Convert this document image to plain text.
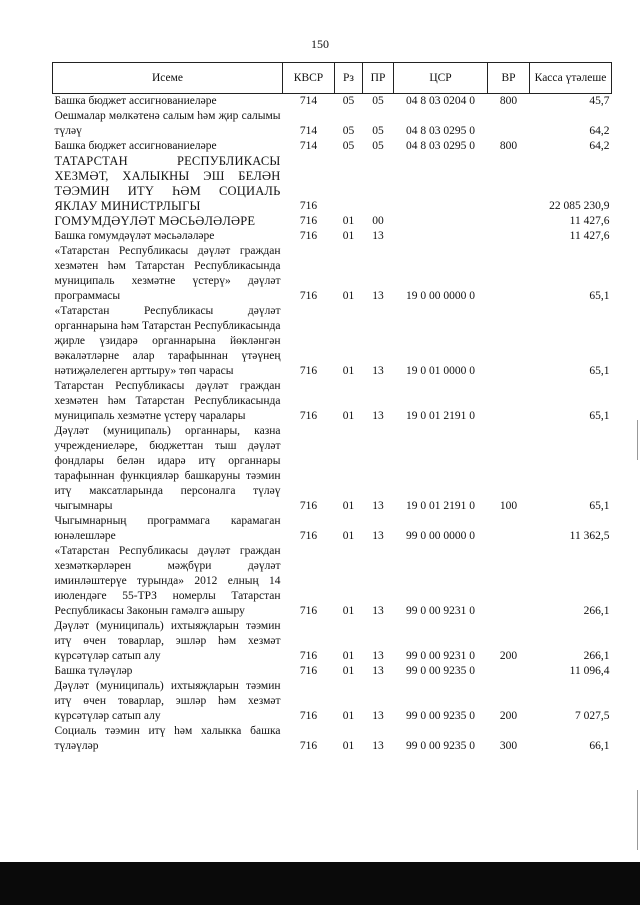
150
Исеме	КВСР	Рз	ПР	ЦСР	ВР	Касса үтәлеше
Башка бюджет ассигнованиеләре	714	05	05	04 8 03 0204 0	800	45,7
Оешмалар мөлкәтенә салым һәм җир салымы түләү	714	05	05	04 8 03 0295 0		64,2
Башка бюджет ассигнованиеләре	714	05	05	04 8 03 0295 0	800	64,2
ТАТАРСТАН РЕСПУБЛИКАСЫ ХЕЗМӘТ, ХАЛЫКНЫ ЭШ БЕЛӘН ТӘЭМИН ИТҮ ҺӘМ СОЦИАЛЬ ЯКЛАУ МИНИСТРЛЫГЫ	716					22 085 230,9
ГОМУМДӘҮЛӘТ МӘСЬӘЛӘЛӘРЕ	716	01	00			11 427,6
Башка гомумдәүләт мәсьәләләре	716	01	13			11 427,6
«Татарстан Республикасы дәүләт граждан хезмәтен һәм Татарстан Республикасында муниципаль хезмәтне үстерү» дәүләт программасы	716	01	13	19 0 00 0000 0		65,1
«Татарстан Республикасы дәүләт органнарына һәм Татарстан Республикасында җирле үзидарә органнарына йөкләнгән вәкаләтләрне алар тарафыннан үтәүнең нәтиҗәлелеген арттыру» төп чарасы	716	01	13	19 0 01 0000 0		65,1
Татарстан Республикасы дәүләт граждан хезмәтен һәм Татарстан Республикасында муниципаль хезмәтне үстерү чаралары	716	01	13	19 0 01 2191 0		65,1
Дәүләт (муниципаль) органнары, казна учреждениеләре, бюджеттан тыш дәүләт фондлары белән идарә итү органнары тарафыннан функцияләр башкаруны тәэмин итү максатларында персоналга түләү чыгымнары	716	01	13	19 0 01 2191 0	100	65,1
Чыгымнарның программага карамаган юнәлешләре	716	01	13	99 0 00 0000 0		11 362,5
«Татарстан Республикасы дәүләт граждан хезмәткәрләрен мәҗбүри дәүләт иминләштерүе турында» 2012 елның 14 июлендәге 55-ТРЗ номерлы Татарстан Республикасы Законын гамәлгә ашыру	716	01	13	99 0 00 9231 0		266,1
Дәүләт (муниципаль) ихтыяҗларын тәэмин итү өчен товарлар, эшләр һәм хезмәт күрсәтүләр сатып алу	716	01	13	99 0 00 9231 0	200	266,1
Башка түләүләр	716	01	13	99 0 00 9235 0		11 096,4
Дәүләт (муниципаль) ихтыяҗларын тәэмин итү өчен товарлар, эшләр һәм хезмәт күрсәтүләр сатып алу	716	01	13	99 0 00 9235 0	200	7 027,5
Социаль тәэмин итү һәм халыкка башка түләүләр	716	01	13	99 0 00 9235 0	300	66,1
